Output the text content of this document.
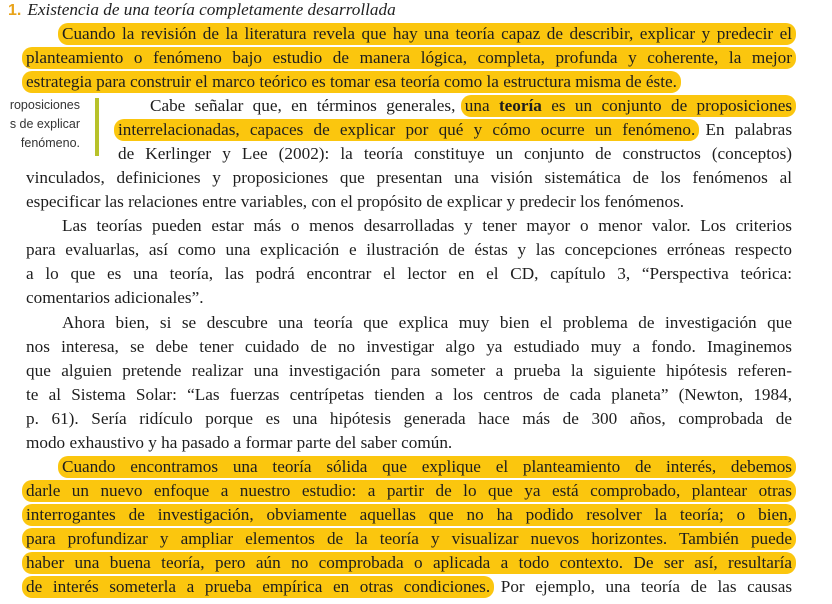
1. Existencia de una teoría completamente desarrollada
roposiciones
s de explicar
fenómeno.
Cuando la revisión de la literatura revela que hay una teoría capaz de describir, explicar y predecir el
planteamiento o fenómeno bajo estudio de manera lógica, completa, profunda y coherente, la mejor
estrategia para construir el marco teórico es tomar esa teoría como la estructura misma de éste.
Cabe señalar que, en términos generales, una teoría es un conjunto de proposiciones
interrelacionadas, capaces de explicar por qué y cómo ocurre un fenómeno. En palabras
de Kerlinger y Lee (2002): la teoría constituye un conjunto de constructos (conceptos)
vinculados, definiciones y proposiciones que presentan una visión sistemática de los fenómenos al
especificar las relaciones entre variables, con el propósito de explicar y predecir los fenómenos.
Las teorías pueden estar más o menos desarrolladas y tener mayor o menor valor. Los criterios
para evaluarlas, así como una explicación e ilustración de éstas y las concepciones erróneas respecto
a lo que es una teoría, las podrá encontrar el lector en el CD, capítulo 3, “Perspectiva teórica:
comentarios adicionales”.
Ahora bien, si se descubre una teoría que explica muy bien el problema de investigación que
nos interesa, se debe tener cuidado de no investigar algo ya estudiado muy a fondo. Imaginemos
que alguien pretende realizar una investigación para someter a prueba la siguiente hipótesis referen-
te al Sistema Solar: “Las fuerzas centrípetas tienden a los centros de cada planeta” (Newton, 1984,
p. 61). Sería ridículo porque es una hipótesis generada hace más de 300 años, comprobada de
modo exhaustivo y ha pasado a formar parte del saber común.
Cuando encontramos una teoría sólida que explique el planteamiento de interés, debemos
darle un nuevo enfoque a nuestro estudio: a partir de lo que ya está comprobado, plantear otras
interrogantes de investigación, obviamente aquellas que no ha podido resolver la teoría; o bien,
para profundizar y ampliar elementos de la teoría y visualizar nuevos horizontes. También puede
haber una buena teoría, pero aún no comprobada o aplicada a todo contexto. De ser así, resultaría
de interés someterla a prueba empírica en otras condiciones. Por ejemplo, una teoría de las causas
